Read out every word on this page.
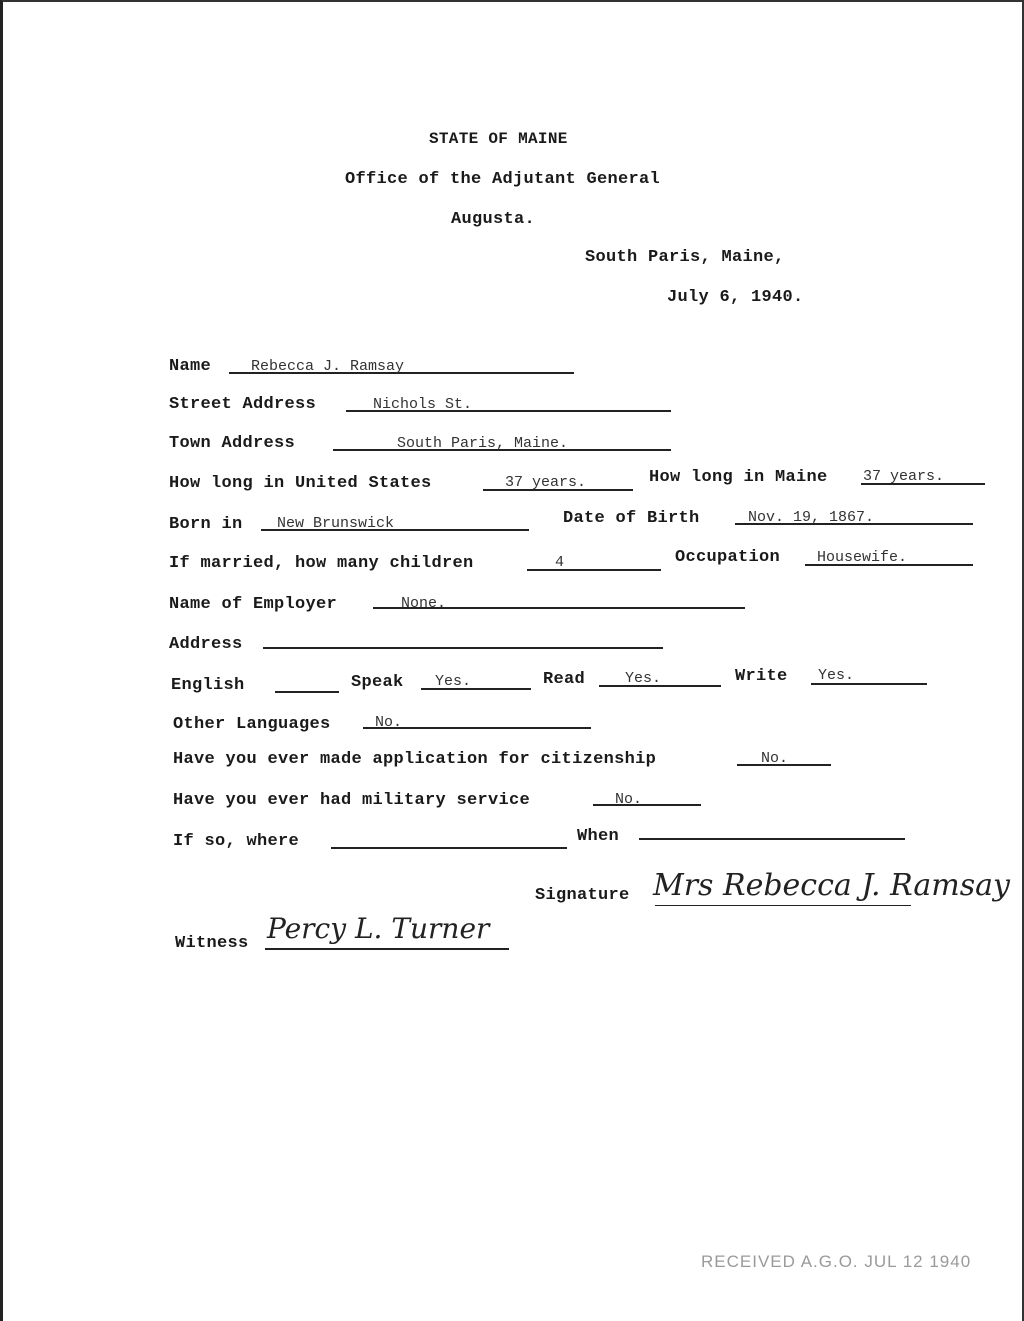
STATE OF MAINE
Office of the Adjutant General
Augusta.
South Paris, Maine,
July 6, 1940.
Name	Rebecca J. Ramsay
Street Address	Nichols St.
Town Address	South Paris, Maine.
How long in United States	37 years.	How long in Maine 37 years.
Born in New Brunswick	Date of Birth	Nov. 19, 1867.
If married, how many children	4	Occupation Housewife.
Name of Employer	None.
Address
English	Speak Yes.	Read	Yes.	Write Yes.
Other Languages	No.
Have you ever made application for citizenship	No.
Have you ever had military service	No.
If so, where	When
Signature Mrs Rebecca J. Ramsay
Witness Percy L. Turner
RECEIVED A.G.O. JUL 12 1940
